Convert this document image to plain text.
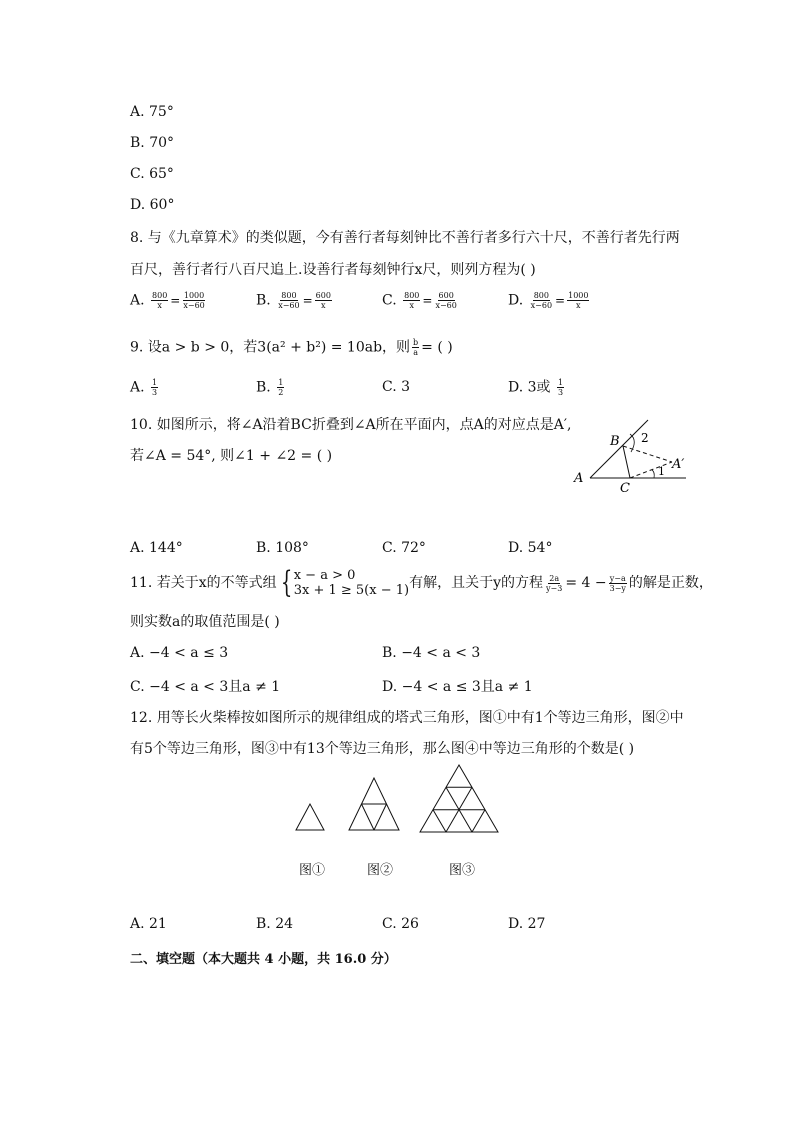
A. 75°
B. 70°
C. 65°
D. 60°
8. 与《九章算术》的类似题，今有善行者每刻钟比不善行者多行六十尺，不善行者先行两
百尺，善行者行八百尺追上.设善行者每刻钟行x尺，则列方程为( )
A. $\frac{800}{x} = \frac{1000}{x-60}$	B. $\frac{800}{x-60} = \frac{600}{x}$	C. $\frac{800}{x} = \frac{600}{x-60}$	D. $\frac{800}{x-60} = \frac{1000}{x}$
9. 设a > b > 0，若3(a² + b²) = 10ab，则 $\frac{b}{a}$ = ( )
A. $\frac{1}{3}$	B. $\frac{1}{2}$	C. 3	D. 3或 $\frac{1}{3}$
10. 如图所示，将∠A沿着BC折叠到∠A所在平面内，点A的对应点是A′,
若∠A = 54°, 则∠1 + ∠2 = ( )
A
B
C
A′
1
2
A. 144°	B. 108°	C. 72°	D. 54°
11. 若关于x的不等式组 { x − a > 0
3x + 1 ≥ 5(x − 1) 有解，且关于y的方程 $\frac{2a}{y-3} = 4 - \frac{y-a}{3-y}$ 的解是正数，
则实数a的取值范围是( )
A. −4 < a ≤ 3	B. −4 < a < 3
C. −4 < a < 3且a ≠ 1	D. −4 < a ≤ 3且a ≠ 1
12. 用等长火柴棒按如图所示的规律组成的塔式三角形，图①中有1个等边三角形，图②中
有5个等边三角形，图③中有13个等边三角形，那么图④中等边三角形的个数是( )
图①	图②	图③
A. 21	B. 24	C. 26	D. 27
二、填空题（本大题共 4 小题，共 16.0 分）
